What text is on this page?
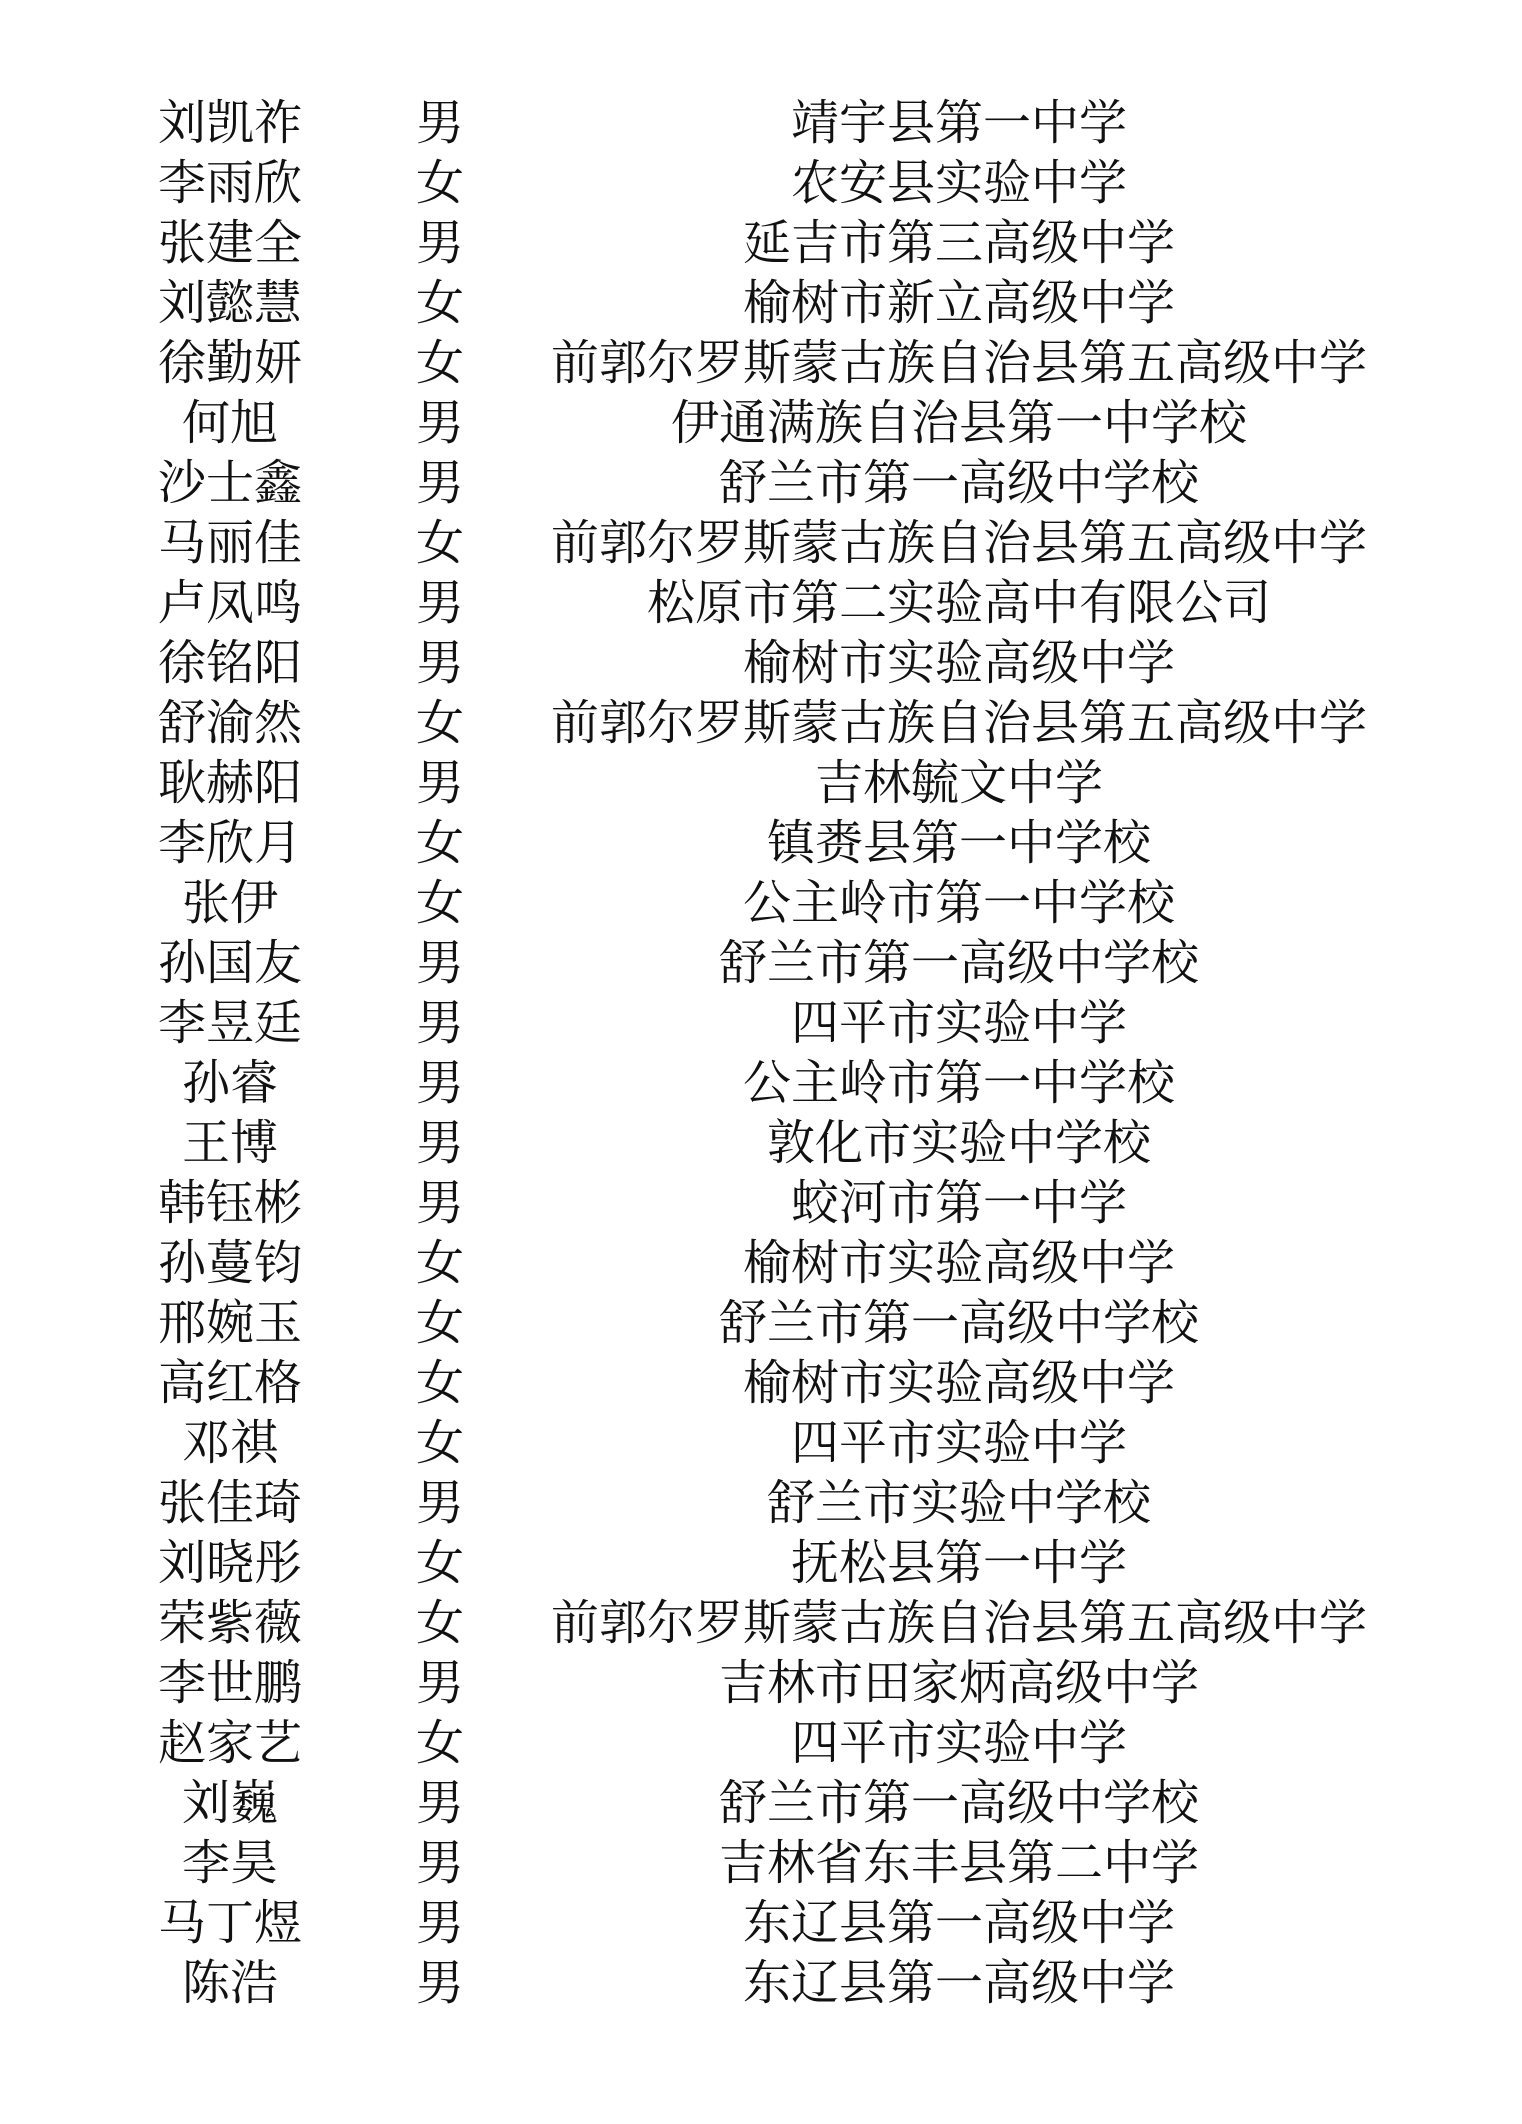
刘凯祚	男	靖宇县第一中学
李雨欣	女	农安县实验中学
张建全	男	延吉市第三高级中学
刘懿慧	女	榆树市新立高级中学
徐勤妍	女	前郭尔罗斯蒙古族自治县第五高级中学
何旭	男	伊通满族自治县第一中学校
沙士鑫	男	舒兰市第一高级中学校
马丽佳	女	前郭尔罗斯蒙古族自治县第五高级中学
卢凤鸣	男	松原市第二实验高中有限公司
徐铭阳	男	榆树市实验高级中学
舒渝然	女	前郭尔罗斯蒙古族自治县第五高级中学
耿赫阳	男	吉林毓文中学
李欣月	女	镇赉县第一中学校
张伊	女	公主岭市第一中学校
孙国友	男	舒兰市第一高级中学校
李昱廷	男	四平市实验中学
孙睿	男	公主岭市第一中学校
王博	男	敦化市实验中学校
韩钰彬	男	蛟河市第一中学
孙蔓钧	女	榆树市实验高级中学
邢婉玉	女	舒兰市第一高级中学校
高红格	女	榆树市实验高级中学
邓祺	女	四平市实验中学
张佳琦	男	舒兰市实验中学校
刘晓彤	女	抚松县第一中学
荣紫薇	女	前郭尔罗斯蒙古族自治县第五高级中学
李世鹏	男	吉林市田家炳高级中学
赵家艺	女	四平市实验中学
刘巍	男	舒兰市第一高级中学校
李昊	男	吉林省东丰县第二中学
马丁煜	男	东辽县第一高级中学
陈浩	男	东辽县第一高级中学
